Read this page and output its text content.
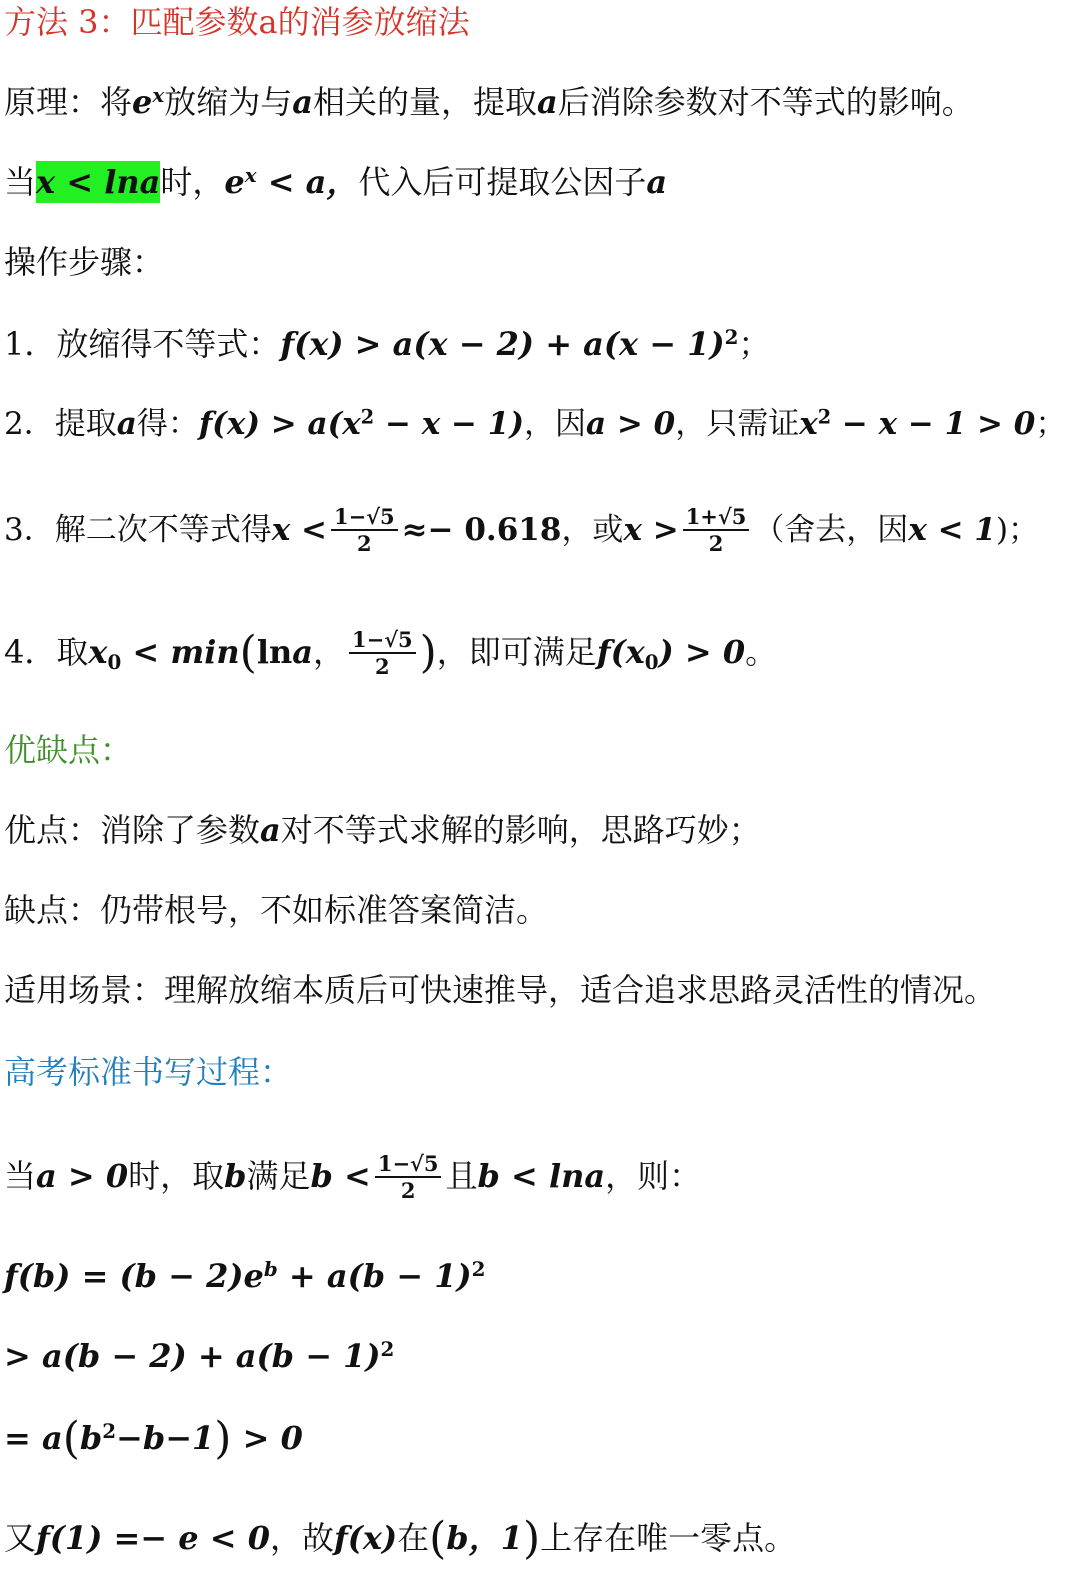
方法 3：匹配参数a的消参放缩法
原理：将$e^x$放缩为与a相关的量，提取a后消除参数对不等式的影响。
当x < lna时，$e^x < a$，代入后可提取公因子a
操作步骤：
1．放缩得不等式：$f(x) > a(x - 2) + a(x - 1)^2$；
2．提取a得：$f(x) > a(x^2 - x - 1)$，因a > 0，只需证$x^2 - x - 1 > 0$；
3．解二次不等式得$x < \frac{1-√5}{2} \approx- 0.618$，或$x > \frac{1+√5}{2}$ （舍去，因x < 1)；
4．取$x_0 < \min(\ln a$， $\frac{1-√5}{2}$ )，即可满足$f(x_0) > 0$。
优缺点：
优点：消除了参数a对不等式求解的影响，思路巧妙；
缺点：仍带根号，不如标准答案简洁。
适用场景：理解放缩本质后可快速推导，适合追求思路灵活性的情况。
高考标准书写过程：
当a > 0时，取b满足$b < \frac{1-√5}{2}$ 且b < lna，则：
$f(b) = (b - 2)e^b + a(b - 1)^2$
> $a(b - 2) + a(b - 1)^2$
= $a(b^2-b-1) > 0$
又f(1) =− e < 0，故f(x)在(b，1)上存在唯一零点。
